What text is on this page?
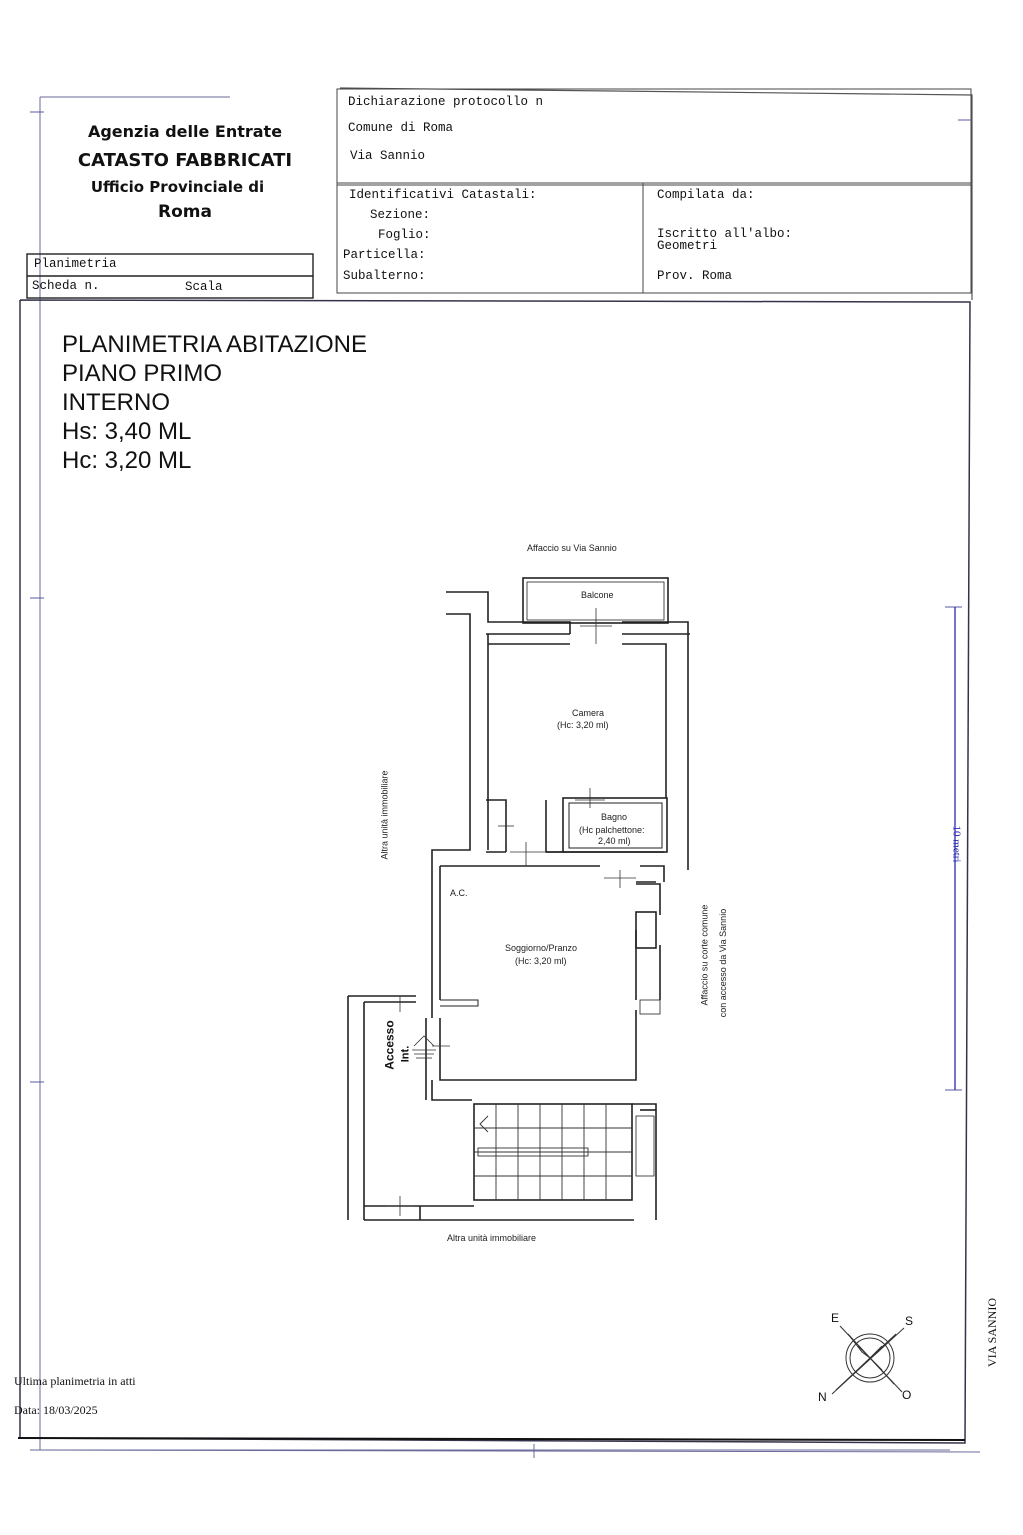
Agenzia delle Entrate
CATASTO FABBRICATI
Ufficio Provinciale di
Roma
Planimetria
Scheda n.	Scala
Dichiarazione protocollo n
Comune di Roma
Via Sannio
Identificativi Catastali:
Sezione:
Foglio:
Particella:
Subalterno:
Compilata da:
Iscritto all'albo:
Geometri
Prov. Roma
PLANIMETRIA ABITAZIONE
PIANO PRIMO
INTERNO
Hs: 3,40 ML
Hc: 3,20 ML
Affaccio su Via Sannio
Balcone
Camera
(Hc: 3,20 ml)
Bagno
(Hc palchettone:
2,40 ml)
A.C.
Soggiorno/Pranzo
(Hc: 3,20 ml)
Altra unità immobiliare
Altra unità immobiliare
Affaccio su corte comune con accesso da Via Sannio
Accesso Int.
10 metri
E	S
N	O
VIA SANNIO
Ultima planimetria in atti
Data: 18/03/2025
